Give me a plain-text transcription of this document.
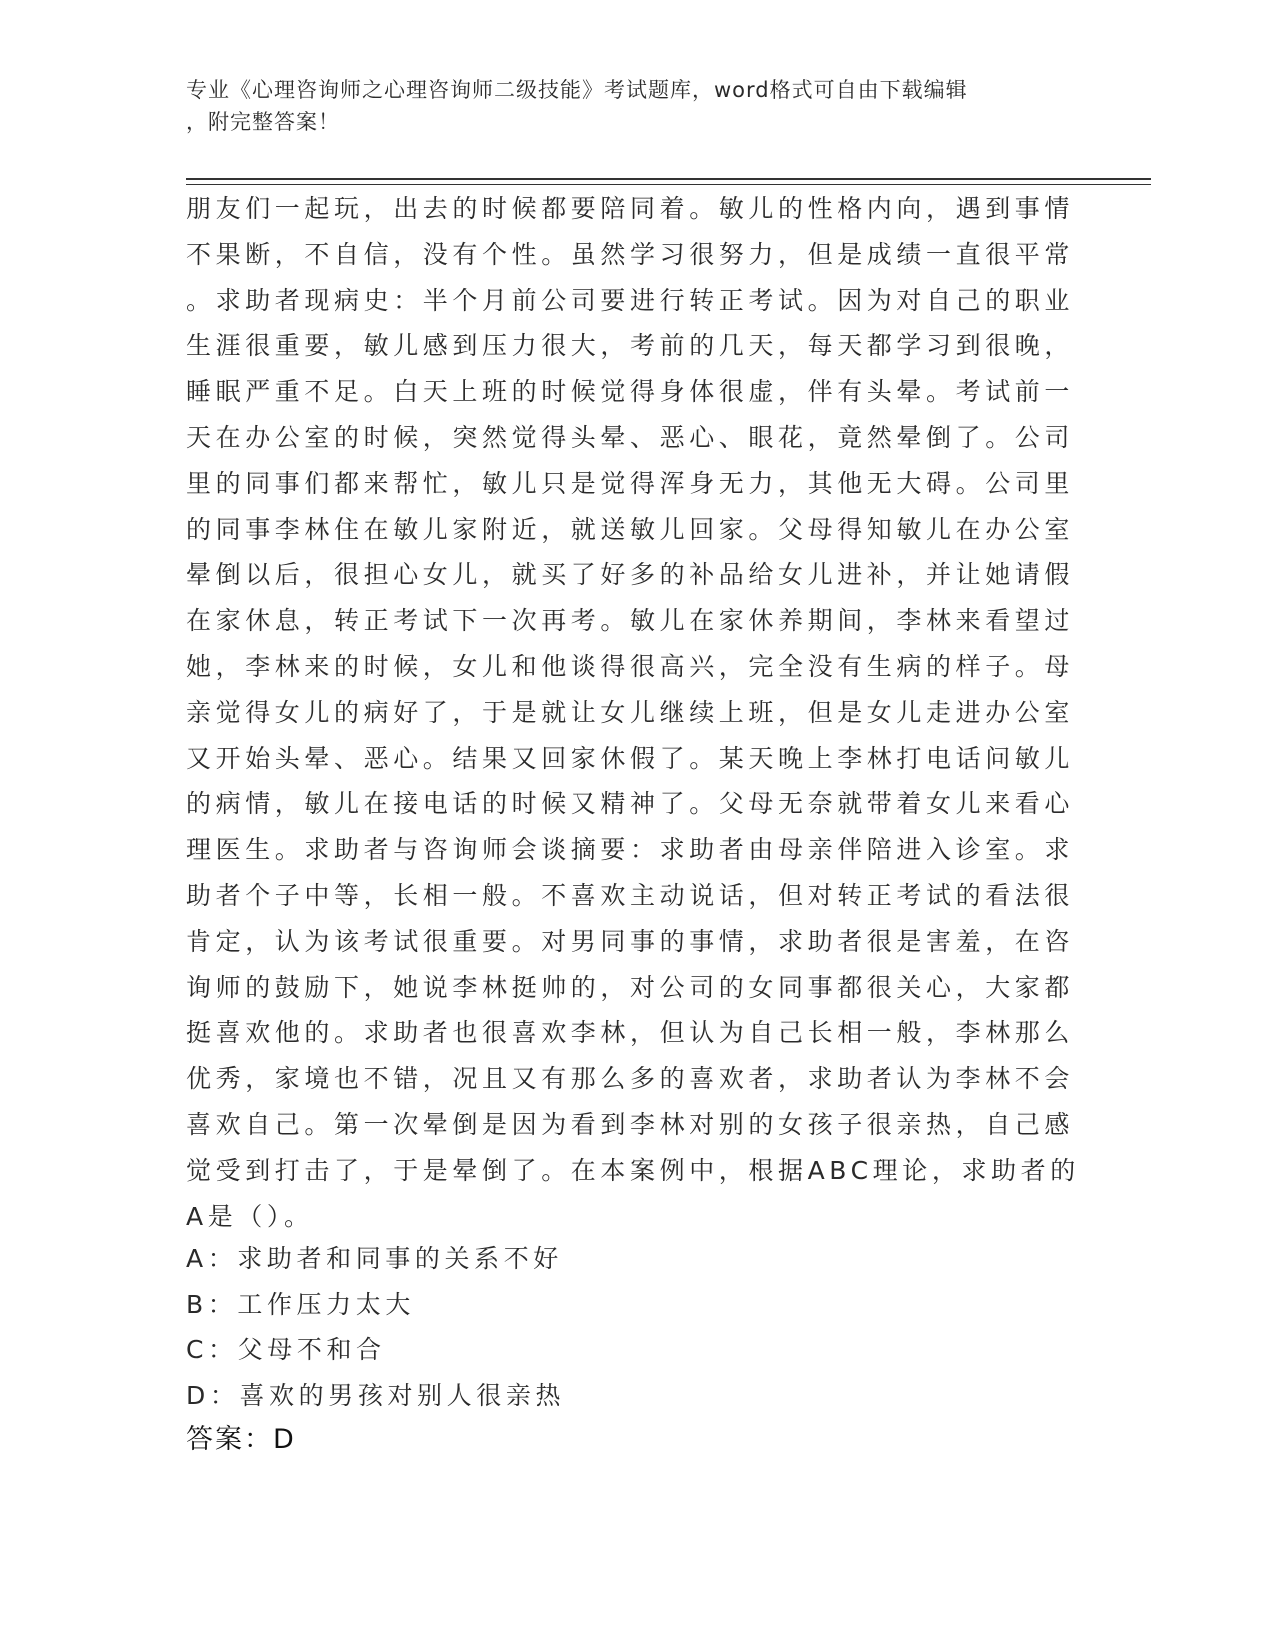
专业《心理咨询师之心理咨询师二级技能》考试题库，word格式可自由下载编辑
，附完整答案！
朋友们一起玩，出去的时候都要陪同着。敏儿的性格内向，遇到事情
不果断，不自信，没有个性。虽然学习很努力，但是成绩一直很平常
。求助者现病史：半个月前公司要进行转正考试。因为对自己的职业
生涯很重要，敏儿感到压力很大，考前的几天，每天都学习到很晚，
睡眠严重不足。白天上班的时候觉得身体很虚，伴有头晕。考试前一
天在办公室的时候，突然觉得头晕、恶心、眼花，竟然晕倒了。公司
里的同事们都来帮忙，敏儿只是觉得浑身无力，其他无大碍。公司里
的同事李林住在敏儿家附近，就送敏儿回家。父母得知敏儿在办公室
晕倒以后，很担心女儿，就买了好多的补品给女儿进补，并让她请假
在家休息，转正考试下一次再考。敏儿在家休养期间，李林来看望过
她，李林来的时候，女儿和他谈得很高兴，完全没有生病的样子。母
亲觉得女儿的病好了，于是就让女儿继续上班，但是女儿走进办公室
又开始头晕、恶心。结果又回家休假了。某天晚上李林打电话问敏儿
的病情，敏儿在接电话的时候又精神了。父母无奈就带着女儿来看心
理医生。求助者与咨询师会谈摘要：求助者由母亲伴陪进入诊室。求
助者个子中等，长相一般。不喜欢主动说话，但对转正考试的看法很
肯定，认为该考试很重要。对男同事的事情，求助者很是害羞，在咨
询师的鼓励下，她说李林挺帅的，对公司的女同事都很关心，大家都
挺喜欢他的。求助者也很喜欢李林，但认为自己长相一般，李林那么
优秀，家境也不错，况且又有那么多的喜欢者，求助者认为李林不会
喜欢自己。第一次晕倒是因为看到李林对别的女孩子很亲热，自己感
觉受到打击了，于是晕倒了。在本案例中，根据ABC理论，求助者的
A是（）。
A：求助者和同事的关系不好
B：工作压力太大
C：父母不和合
D：喜欢的男孩对别人很亲热
答案：D
